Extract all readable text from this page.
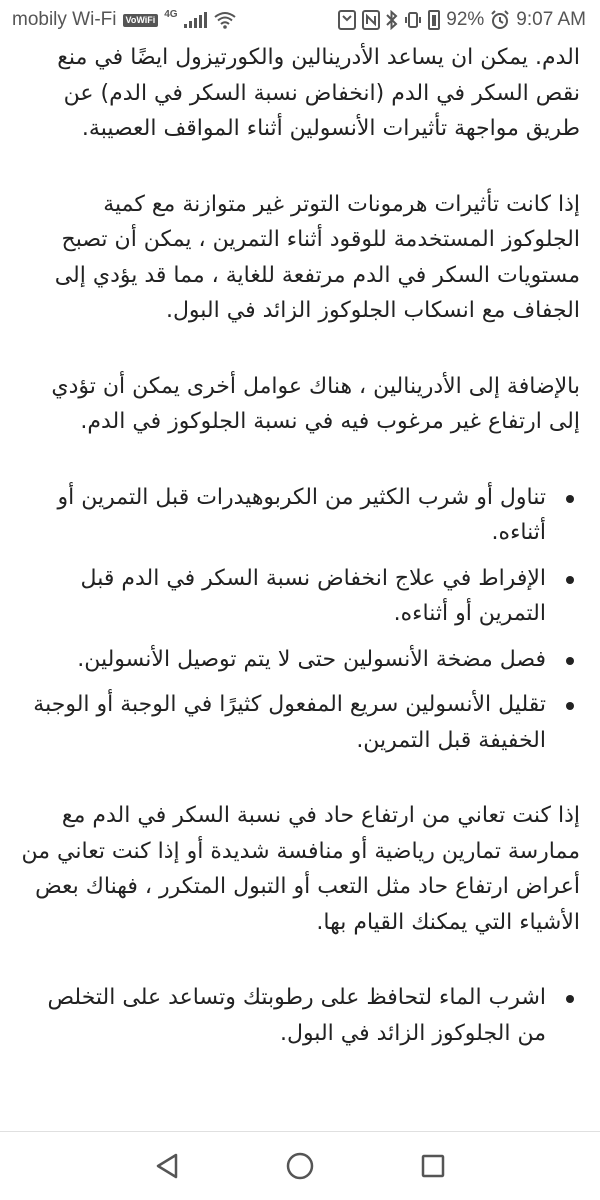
mobily Wi-Fi	VoWiFi 4G	92% 9:07 AM

الدم. يمكن ان يساعد الأدرينالين والكورتيزول ايضًا في منع نقص السكر في الدم (انخفاض نسبة السكر في الدم) عن طريق مواجهة تأثيرات الأنسولين أثناء المواقف العصيبة.

إذا كانت تأثيرات هرمونات التوتر غير متوازنة مع كمية الجلوكوز المستخدمة للوقود أثناء التمرين ، يمكن أن تصبح مستويات السكر في الدم مرتفعة للغاية ، مما قد يؤدي إلى الجفاف مع انسكاب الجلوكوز الزائد في البول.

بالإضافة إلى الأدرينالين ، هناك عوامل أخرى يمكن أن تؤدي إلى ارتفاع غير مرغوب فيه في نسبة الجلوكوز في الدم.

تناول أو شرب الكثير من الكربوهيدرات قبل التمرين أو أثناءه.
الإفراط في علاج انخفاض نسبة السكر في الدم قبل التمرين أو أثناءه.
فصل مضخة الأنسولين حتى لا يتم توصيل الأنسولين.
تقليل الأنسولين سريع المفعول كثيرًا في الوجبة أو الوجبة الخفيفة قبل التمرين.

إذا كنت تعاني من ارتفاع حاد في نسبة السكر في الدم مع ممارسة تمارين رياضية أو منافسة شديدة أو إذا كنت تعاني من أعراض ارتفاع حاد مثل التعب أو التبول المتكرر ، فهناك بعض الأشياء التي يمكنك القيام بها.

اشرب الماء لتحافظ على رطوبتك وتساعد على التخلص من الجلوكوز الزائد في البول.
